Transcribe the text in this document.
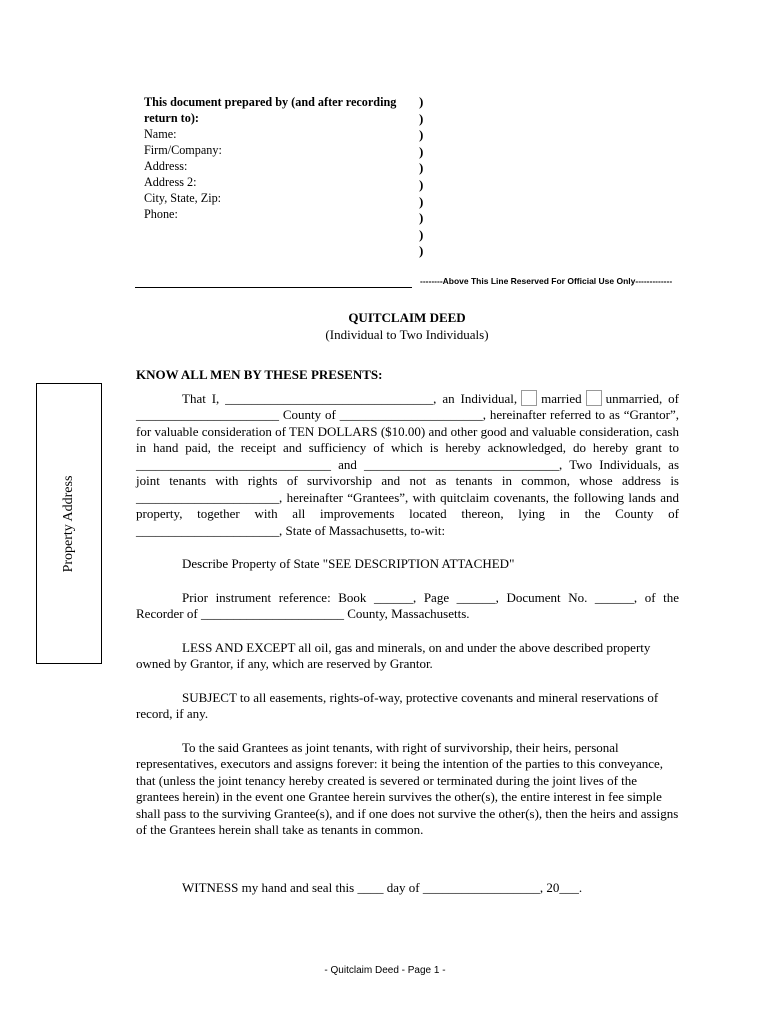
This document prepared by (and after recording
return to):
Name:
Firm/Company:
Address:
Address 2:
City, State, Zip:
Phone:
)
)
)
)
)
)
)
)
)
)
--------Above This Line Reserved For Official Use Only-------------
QUITCLAIM DEED
(Individual to Two Individuals)
Property Address

KNOW ALL MEN BY THESE PRESENTS:

That I, ________________________________, an Individual, married unmarried, of ______________________ County of ______________________, hereinafter referred to as “Grantor”, for valuable consideration of TEN DOLLARS ($10.00) and other good and valuable consideration, cash in hand paid, the receipt and sufficiency of which is hereby acknowledged, do hereby grant to ______________________________ and ______________________________, Two Individuals, as joint tenants with rights of survivorship and not as tenants in common, whose address is ______________________, hereinafter “Grantees”, with quitclaim covenants, the following lands and property, together with all improvements located thereon, lying in the County of ______________________, State of Massachusetts, to-wit:

Describe Property of State "SEE DESCRIPTION ATTACHED"

Prior instrument reference: Book ______, Page ______, Document No. ______, of the Recorder of ______________________ County, Massachusetts.

LESS AND EXCEPT all oil, gas and minerals, on and under the above described property owned by Grantor, if any, which are reserved by Grantor.

SUBJECT to all easements, rights-of-way, protective covenants and mineral reservations of record, if any.

To the said Grantees as joint tenants, with right of survivorship, their heirs, personal representatives, executors and assigns forever: it being the intention of the parties to this conveyance, that (unless the joint tenancy hereby created is severed or terminated during the joint lives of the grantees herein) in the event one Grantee herein survives the other(s), the entire interest in fee simple shall pass to the surviving Grantee(s), and if one does not survive the other(s), then the heirs and assigns of the Grantees herein shall take as tenants in common.

WITNESS my hand and seal this ____ day of __________________, 20___.

- Quitclaim Deed - Page 1 -
